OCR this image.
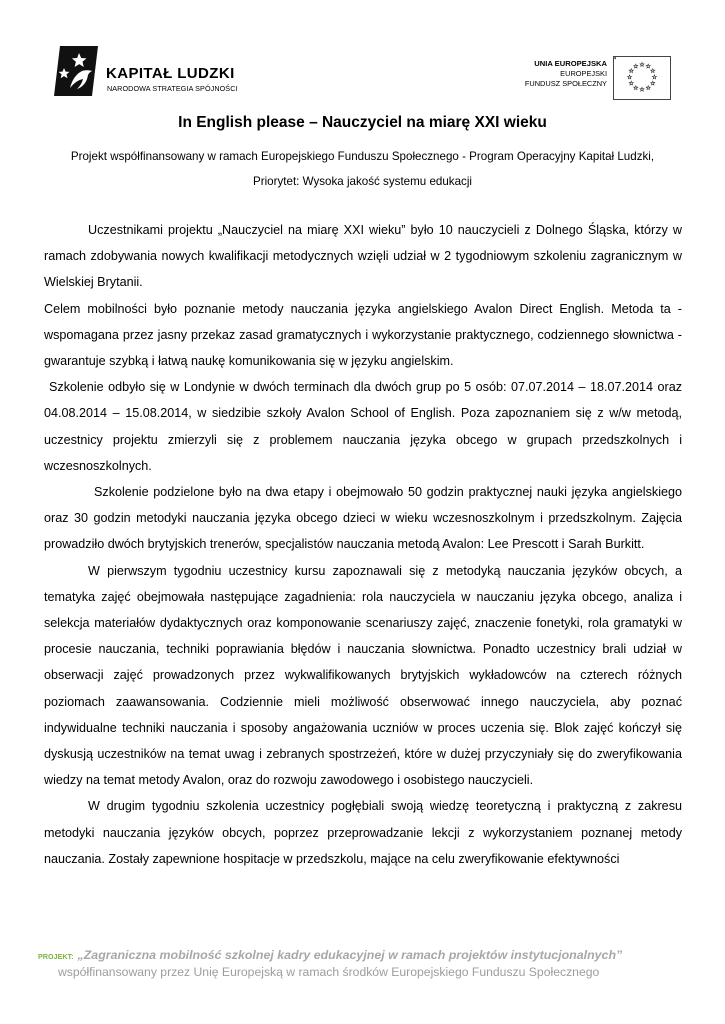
KAPITAŁ LUDZKI
NARODOWA STRATEGIA SPÓJNOŚCI
UNIA EUROPEJSKA
EUROPEJSKI
FUNDUSZ SPOŁECZNY
In English please – Nauczyciel na miarę XXI wieku
Projekt współfinansowany w ramach Europejskiego Funduszu Społecznego - Program Operacyjny Kapitał Ludzki,
Priorytet: Wysoka jakość systemu edukacji

Uczestnikami projektu „Nauczyciel na miarę XXI wieku” było 10 nauczycieli z Dolnego Śląska, którzy w ramach zdobywania nowych kwalifikacji metodycznych wzięli udział w 2 tygodniowym szkoleniu zagranicznym w Wielskiej Brytanii.

Celem mobilności było poznanie metody nauczania języka angielskiego Avalon Direct English. Metoda ta - wspomagana przez jasny przekaz zasad gramatycznych i wykorzystanie praktycznego, codziennego słownictwa - gwarantuje szybką i łatwą naukę komunikowania się w języku angielskim.

Szkolenie odbyło się w Londynie w dwóch terminach dla dwóch grup po 5 osób: 07.07.2014 – 18.07.2014 oraz 04.08.2014 – 15.08.2014, w siedzibie szkoły Avalon School of English. Poza zapoznaniem się z w/w metodą, uczestnicy projektu zmierzyli się z problemem nauczania języka obcego w grupach przedszkolnych i wczesnoszkolnych.

Szkolenie podzielone było na dwa etapy i obejmowało 50 godzin praktycznej nauki języka angielskiego oraz 30 godzin metodyki nauczania języka obcego dzieci w wieku wczesnoszkolnym i przedszkolnym. Zajęcia prowadziło dwóch brytyjskich trenerów, specjalistów nauczania metodą Avalon: Lee Prescott i Sarah Burkitt.

W pierwszym tygodniu uczestnicy kursu zapoznawali się z metodyką nauczania języków obcych, a tematyka zajęć obejmowała następujące zagadnienia: rola nauczyciela w nauczaniu języka obcego, analiza i selekcja materiałów dydaktycznych oraz komponowanie scenariuszy zajęć, znaczenie fonetyki, rola gramatyki w procesie nauczania, techniki poprawiania błędów i nauczania słownictwa. Ponadto uczestnicy brali udział w obserwacji zajęć prowadzonych przez wykwalifikowanych brytyjskich wykładowców na czterech różnych poziomach zaawansowania. Codziennie mieli możliwość obserwować innego nauczyciela, aby poznać indywidualne techniki nauczania i sposoby angażowania uczniów w proces uczenia się. Blok zajęć kończył się dyskusją uczestników na temat uwag i zebranych spostrzeżeń, które w dużej przyczyniały się do zweryfikowania wiedzy na temat metody Avalon, oraz do rozwoju zawodowego i osobistego nauczycieli.

W drugim tygodniu szkolenia uczestnicy pogłębiali swoją wiedzę teoretyczną i praktyczną z zakresu metodyki nauczania języków obcych, poprzez przeprowadzanie lekcji z wykorzystaniem poznanej metody nauczania. Zostały zapewnione hospitacje w przedszkolu, mające na celu zweryfikowanie efektywności

PROJEKT: „Zagraniczna mobilność szkolnej kadry edukacyjnej w ramach projektów instytucjonalnych”
współfinansowany przez Unię Europejską w ramach środków Europejskiego Funduszu Społecznego
